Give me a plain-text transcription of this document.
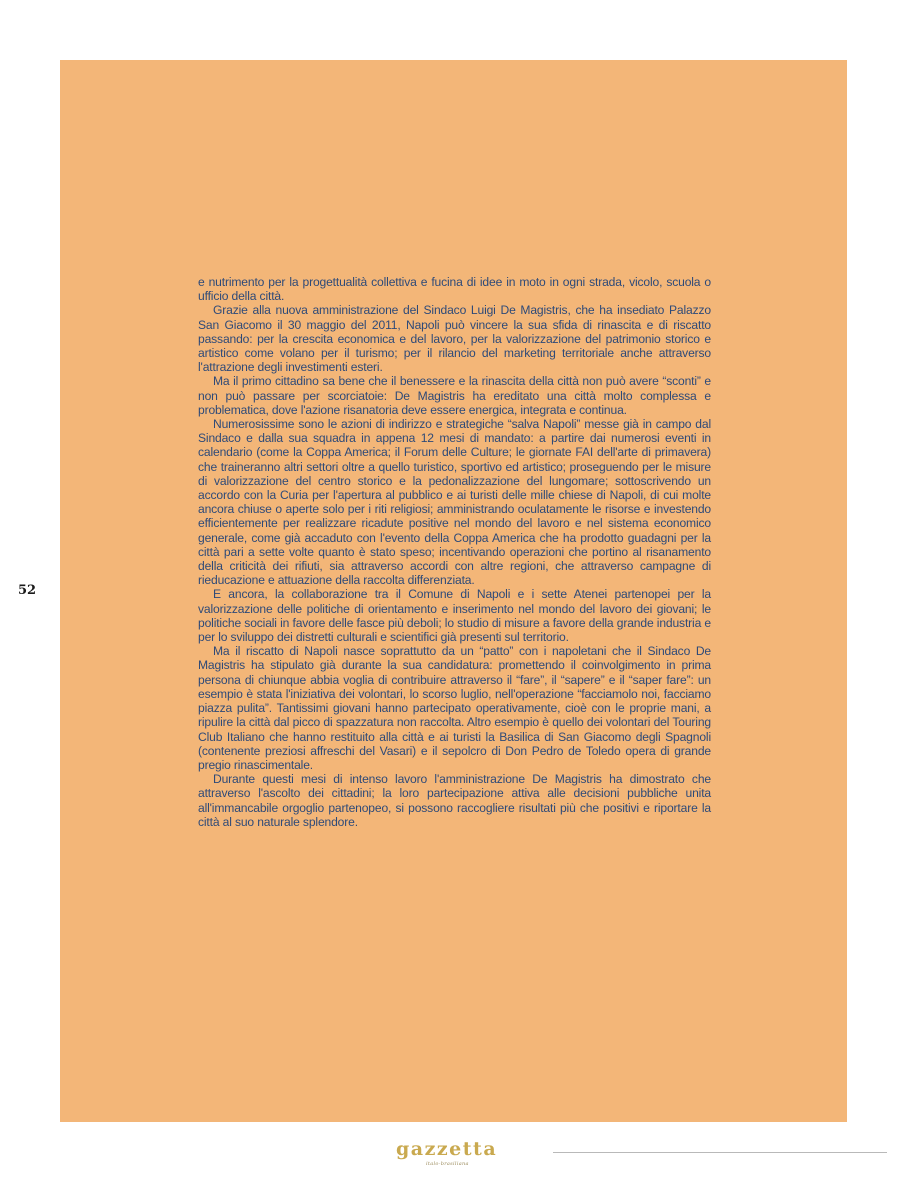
52

e nutrimento per la progettualità collettiva e fucina di idee in moto in ogni strada, vicolo, scuola o ufficio della città.

Grazie alla nuova amministrazione del Sindaco Luigi De Magistris, che ha insediato Palazzo San Giacomo il 30 maggio del 2011, Napoli può vincere la sua sfida di rinascita e di riscatto passando: per la crescita economica e del lavoro, per la valorizzazione del patrimonio storico e artistico come volano per il turismo; per il rilancio del marketing territoriale anche attraverso l'attrazione degli investimenti esteri.

Ma il primo cittadino sa bene che il benessere e la rinascita della città non può avere “sconti” e non può passare per scorciatoie: De Magistris ha ereditato una città molto complessa e problematica, dove l'azione risanatoria deve essere energica, integrata e continua.

Numerosissime sono le azioni di indirizzo e strategiche “salva Napoli” messe già in campo dal Sindaco e dalla sua squadra in appena 12 mesi di mandato: a partire dai numerosi eventi in calendario (come la Coppa America; il Forum delle Culture; le giornate FAI dell'arte di primavera) che traineranno altri settori oltre a quello turistico, sportivo ed artistico; proseguendo per le misure di valorizzazione del centro storico e la pedonalizzazione del lungomare; sottoscrivendo un accordo con la Curia per l'apertura al pubblico e ai turisti delle mille chiese di Napoli, di cui molte ancora chiuse o aperte solo per i riti religiosi; amministrando oculatamente le risorse e investendo efficientemente per realizzare ricadute positive nel mondo del lavoro e nel sistema economico generale, come già accaduto con l'evento della Coppa America che ha prodotto guadagni per la città pari a sette volte quanto è stato speso; incentivando operazioni che portino al risanamento della criticità dei rifiuti, sia attraverso accordi con altre regioni, che attraverso campagne di rieducazione e attuazione della raccolta differenziata.

E ancora, la collaborazione tra il Comune di Napoli e i sette Atenei partenopei per la valorizzazione delle politiche di orientamento e inserimento nel mondo del lavoro dei giovani; le politiche sociali in favore delle fasce più deboli; lo studio di misure a favore della grande industria e per lo sviluppo dei distretti culturali e scientifici già presenti sul territorio.

Ma il riscatto di Napoli nasce soprattutto da un “patto” con i napoletani che il Sindaco De Magistris ha stipulato già durante la sua candidatura: promettendo il coinvolgimento in prima persona di chiunque abbia voglia di contribuire attraverso il “fare”, il “sapere” e il “saper fare”: un esempio è stata l'iniziativa dei volontari, lo scorso luglio, nell'operazione “facciamolo noi, facciamo piazza pulita”. Tantissimi giovani hanno partecipato operativamente, cioè con le proprie mani, a ripulire la città dal picco di spazzatura non raccolta. Altro esempio è quello dei volontari del Touring Club Italiano che hanno restituito alla città e ai turisti la Basilica di San Giacomo degli Spagnoli (contenente preziosi affreschi del Vasari) e il sepolcro di Don Pedro de Toledo opera di grande pregio rinascimentale.

Durante questi mesi di intenso lavoro l'amministrazione De Magistris ha dimostrato che attraverso l'ascolto dei cittadini; la loro partecipazione attiva alle decisioni pubbliche unita all'immancabile orgoglio partenopeo, si possono raccogliere risultati più che positivi e riportare la città al suo naturale splendore.

gazzetta
italo-brasiliana
